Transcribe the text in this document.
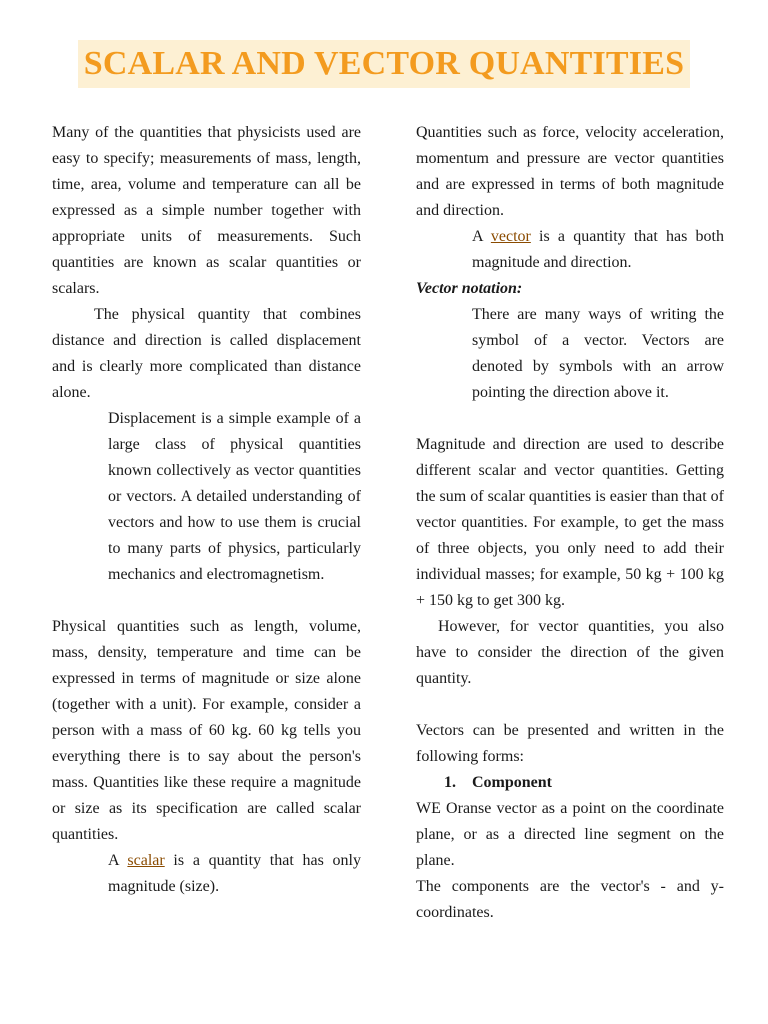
SCALAR AND VECTOR QUANTITIES

Many of the quantities that physicists used are easy to specify; measurements of mass, length, time, area, volume and temperature can all be expressed as a simple number together with appropriate units of measurements. Such quantities are known as scalar quantities or scalars.

The physical quantity that combines distance and direction is called displacement and is clearly more complicated than distance alone.

Displacement is a simple example of a large class of physical quantities known collectively as vector quantities or vectors. A detailed understanding of vectors and how to use them is crucial to many parts of physics, particularly mechanics and electromagnetism.

Physical quantities such as length, volume, mass, density, temperature and time can be expressed in terms of magnitude or size alone (together with a unit). For example, consider a person with a mass of 60 kg. 60 kg tells you everything there is to say about the person's mass. Quantities like these require a magnitude or size as its specification are called scalar quantities.

A scalar is a quantity that has only magnitude (size).

Quantities such as force, velocity acceleration, momentum and pressure are vector quantities and are expressed in terms of both magnitude and direction.

A vector is a quantity that has both magnitude and direction.

Vector notation:

There are many ways of writing the symbol of a vector. Vectors are denoted by symbols with an arrow pointing the direction above it.

Magnitude and direction are used to describe different scalar and vector quantities. Getting the sum of scalar quantities is easier than that of vector quantities. For example, to get the mass of three objects, you only need to add their individual masses; for example, 50 kg + 100 kg + 150 kg to get 300 kg.

However, for vector quantities, you also have to consider the direction of the given quantity.

Vectors can be presented and written in the following forms:

1. Component

WE Oranse vector as a point on the coordinate plane, or as a directed line segment on the plane.

The components are the vector's - and y-coordinates.
